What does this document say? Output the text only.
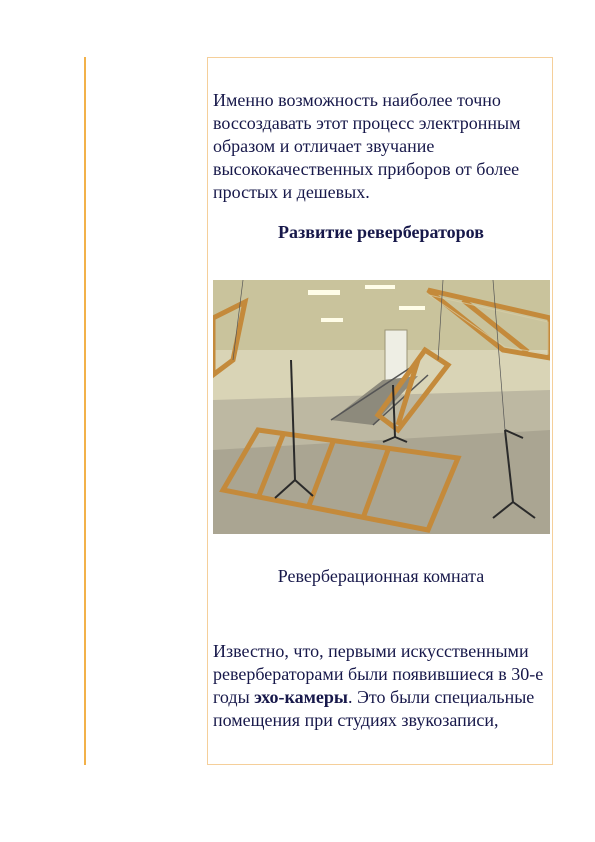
Именно возможность наиболее точно воссоздавать этот процесс электронным образом и отличает звучание высококачественных приборов от более простых и дешевых.

Развитие ревербераторов
Реверберационная комната

Известно, что, первыми искусственными ревербераторами были появившиеся в 30-е годы эхо-камеры. Это были специальные помещения при студиях звукозаписи,
